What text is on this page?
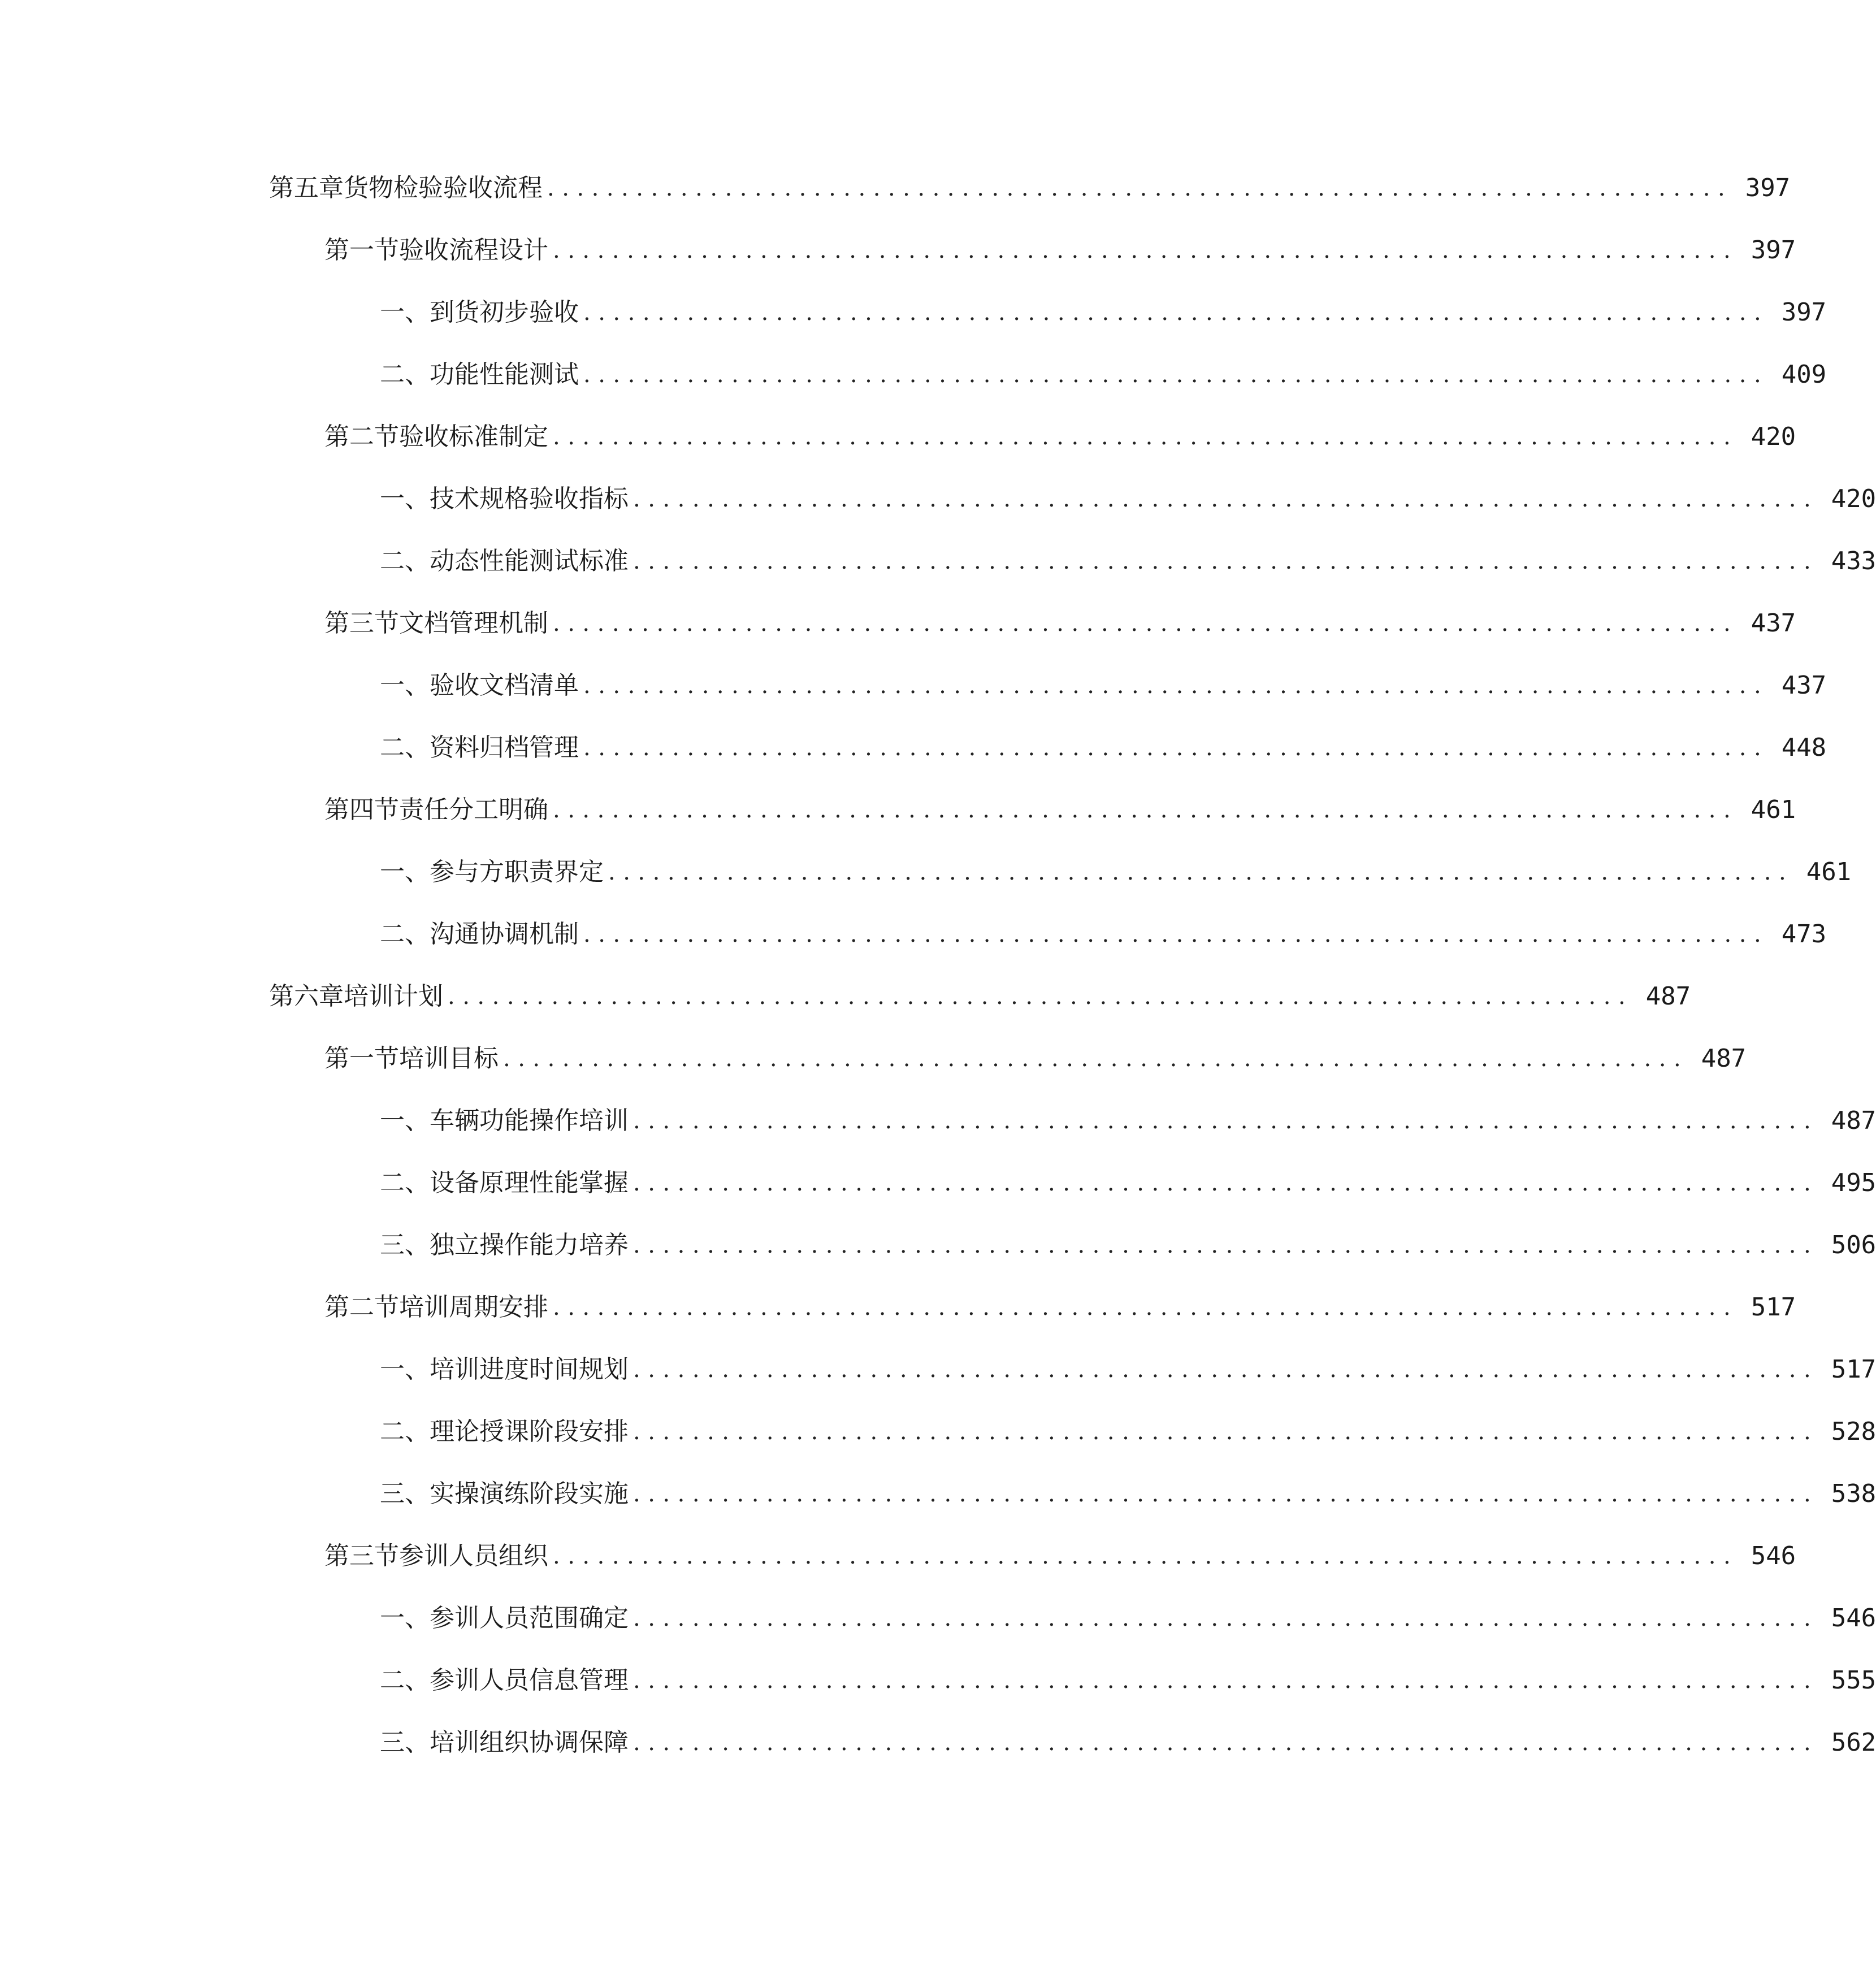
第五章 货物检验验收流程 ................................................................................ 397
第一节 验收流程设计 ................................................................................ 397
一、 到货初步验收 ................................................................................ 397
二、 功能性能测试 ................................................................................ 409
第二节 验收标准制定 ................................................................................ 420
一、 技术规格验收指标 ................................................................................ 420
二、 动态性能测试标准 ................................................................................ 433
第三节 文档管理机制 ................................................................................ 437
一、 验收文档清单 ................................................................................ 437
二、 资料归档管理 ................................................................................ 448
第四节 责任分工明确 ................................................................................ 461
一、 参与方职责界定 ................................................................................ 461
二、 沟通协调机制 ................................................................................ 473
第六章 培训计划 ................................................................................ 487
第一节 培训目标 ................................................................................ 487
一、 车辆功能操作培训 ................................................................................ 487
二、 设备原理性能掌握 ................................................................................ 495
三、 独立操作能力培养 ................................................................................ 506
第二节 培训周期安排 ................................................................................ 517
一、 培训进度时间规划 ................................................................................ 517
二、 理论授课阶段安排 ................................................................................ 528
三、 实操演练阶段实施 ................................................................................ 538
第三节 参训人员组织 ................................................................................ 546
一、 参训人员范围确定 ................................................................................ 546
二、 参训人员信息管理 ................................................................................ 555
三、 培训组织协调保障 ................................................................................ 562
